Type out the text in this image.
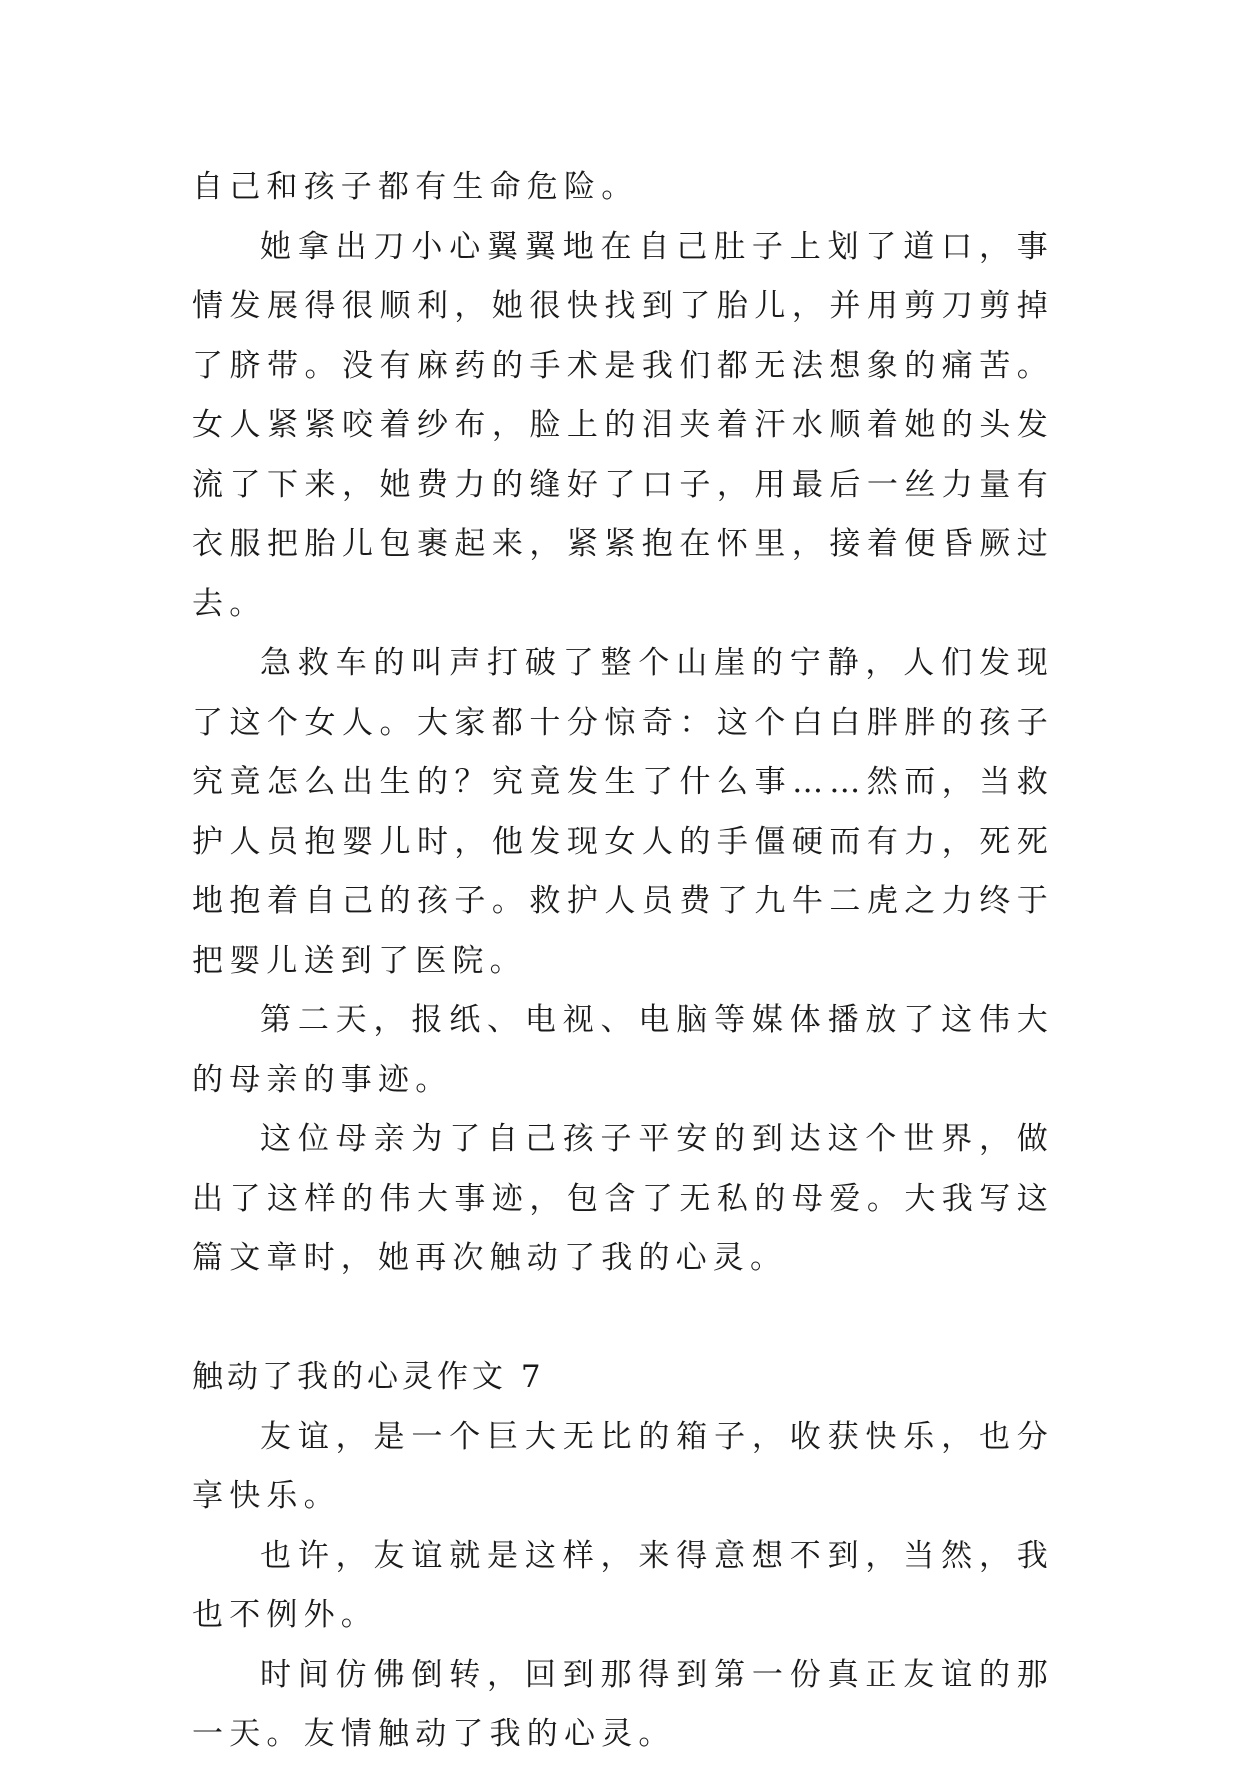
自己和孩子都有生命危险。

她拿出刀小心翼翼地在自己肚子上划了道口，事情发展得很顺利，她很快找到了胎儿，并用剪刀剪掉了脐带。没有麻药的手术是我们都无法想象的痛苦。女人紧紧咬着纱布，脸上的泪夹着汗水顺着她的头发流了下来，她费力的缝好了口子，用最后一丝力量有衣服把胎儿包裹起来，紧紧抱在怀里，接着便昏厥过去。

急救车的叫声打破了整个山崖的宁静，人们发现了这个女人。大家都十分惊奇：这个白白胖胖的孩子究竟怎么出生的？究竟发生了什么事……然而，当救护人员抱婴儿时，他发现女人的手僵硬而有力，死死地抱着自己的孩子。救护人员费了九牛二虎之力终于把婴儿送到了医院。

第二天，报纸、电视、电脑等媒体播放了这伟大的母亲的事迹。

这位母亲为了自己孩子平安的到达这个世界，做出了这样的伟大事迹，包含了无私的母爱。大我写这篇文章时，她再次触动了我的心灵。

触动了我的心灵作文 7

友谊，是一个巨大无比的箱子，收获快乐，也分享快乐。

也许，友谊就是这样，来得意想不到，当然，我也不例外。

时间仿佛倒转，回到那得到第一份真正友谊的那一天。友情触动了我的心灵。
